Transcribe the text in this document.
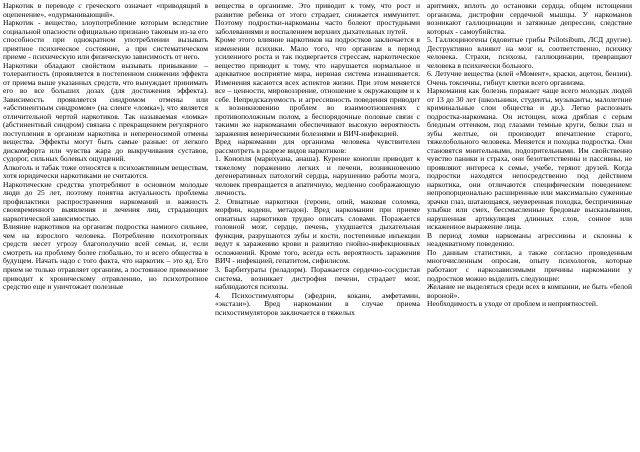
Наркотик в переводе с греческого означает «приводящий в оцепенение», «одурманивающий».

Наркотик - вещество, злоупотребление которым вследствие социальной опасности официально признано таковым из-за его способности при однократном употреблении вызывать приятное психическое состояние, а при систематическом приеме - психическую или физическую зависимость от него.

Наркотики обладают свойством вызывать привыкание – толерантность (проявляется в постепенном снижении эффекта от приема выше указанных средств, что вынуждает принимать его во все больших дозах (для достижения эффекта). Зависимость проявляется синдромом отмены или «абстинентным синдромом» (на сленге «ломка»), что является отличительной чертой наркотиков. Так называемая «ломка» (абстинентный синдром) связана с прекращением регулярного поступления в организм наркотика и непереносимой отмены вещества. Эффекты могут быть самые разные: от легкого дискомфорта или чувства жара до выкручивания суставов, судорог, сильных болевых ощущений.

Алкоголь и табак тоже относятся к психоактивным веществам, хотя юридически наркотиками не считаются.

Наркотические средства употребляют в основном молодые люди до 25 лет, поэтому понятна актуальность проблемы профилактики распространения наркоманий и важность своевременного выявления и лечения лиц, страдающих наркотической зависимостью.

Влияние наркотиков на организм подростка намного сильнее, чем на взрослого человека. Потребление психотропных средств несет угрозу благополучию всей семьи, и, если смотреть на проблему более глобально, то и всего общества в будущем. Начать надо с того факта, что наркотик – это яд. Его прием не только отравляет организм, а постоянное применение приводит к хроническому отравлению, но психотропное средство еще и уничтожает полезные

вещества в организме. Это приводит к тому, что рост и развитие ребенка от этого страдает, снижается иммунитет. Поэтому подростки-наркоманы часто болеют простудными заболеваниями и воспалением верхних дыхательных путей.

Кроме этого влияние наркотиков на подростков заключается в изменении психики. Мало того, что организм в период усиленного роста и так подвергается стрессам, наркотическое вещество приводит к тому, что нарушается нормальное и адекватное восприятие мира, нервная система изнашивается. Изменения касаются всех аспектов жизни. При этом меняется все – ценности, мировоззрение, отношение к окружающим и к себе. Непредсказуемость и агрессивность поведения приводит к возникновению проблем во взаимоотношениях с противоположным полом, а беспорядочные половые связи с такими же наркоманами обеспечивают высокую вероятность заражения венерическими болезнями и ВИЧ-инфекцией.

Вред наркомании для организма человека чувствителен рассмотреть в разрезе видов наркотиков:

1. Конопля (марихуана, анаша). Курение конопли приводит к тяжелому поражению легких и печени, возникновению дегенеративных патологий сердца, нарушению работы мозга, человек превращается в апатичную, медленно соображающую личность.

2. Опиатные наркотики (героин, опий, маковая соломка, морфин, кодеин, метадон). Вред наркомании при приеме опиатных наркотиков трудно описать словами. Поражается головной мозг, сердце, печень, ухудшается дыхательная функция, разрушаются зубы и кости, постепенные инъекции ведут к заражению крови и развитию гнойно-инфекционных осложнений. Кроме того, всегда есть вероятность заражения ВИЧ - инфекцией, гепатитом, сифилисом.

3. Барбитураты (реладорм). Поражается сердечно-сосудистая система, возникает дистрофия печени, страдает мозг, наблюдаются психозы.

4. Психостимуляторы (эфедрин, кокаин, амфетамин, «экстази»). Вред наркомании в случае приема психостимуляторов заключается в тяжелых

аритмиях, вплоть до остановки сердца, общем истощении организма, дистрофии сердечной мышцы. У наркоманов возникают галлюцинации и затяжные депрессии, следствие которых - самоубийства.

5. Галлюциногены (ядовитые грибы Psilotsibum, ЛСД другие). Деструктивно влияют на мозг и, соответственно, психику человека. Страхи, психозы, галлюцинации, превращают человека в психически больного.

6. Летучие вещества (клей «Момент», краски, ацетон, бензин). Очень токсичны, гибнут клетки всего организма.

Наркомания как болезнь поражает чаще всего молодых людей от 13 до 30 лет (школьники, студенты, музыканты, малолетние криминальные слои общества и др.). Легко распознать подростка-наркомана. Он истощен, кожа дряблая с серым бледным оттенком, под глазами темные круги, белки глаз и зубы желтые, он производит впечатление старого, тяжелобольного человека. Меняется и походка подростка. Они становятся мнительными, подозрительными. Им свойственно чувство паники и страха, они безответственны и пассивны, не проявляют интереса к семье, учебе, теряют друзей. Когда подростки находятся непосредственно под действием наркотика, они отличаются специфическим поведением: непропорционально расширенные или максимально суженные зрачки глаз, шатающаяся, неуверенная походка, беспричинные улыбки или смех, бессмысленные бредовые высказывания, нарушенная артикуляция длинных слов, сонное или искаженное выражение лица.

В период ломки наркоманы агрессивны и склонны к неадекватному поведению.

По данным статистики, а также согласно проведенным многочисленным опросам, опыту психологов, которые работают с наркозависимыми причины наркомании у подростков можно выделить следующие:

Желание не выделяться среди всех в компании, не быть «белой вороной».

Необходимость в уходе от проблем и неприятностей.
